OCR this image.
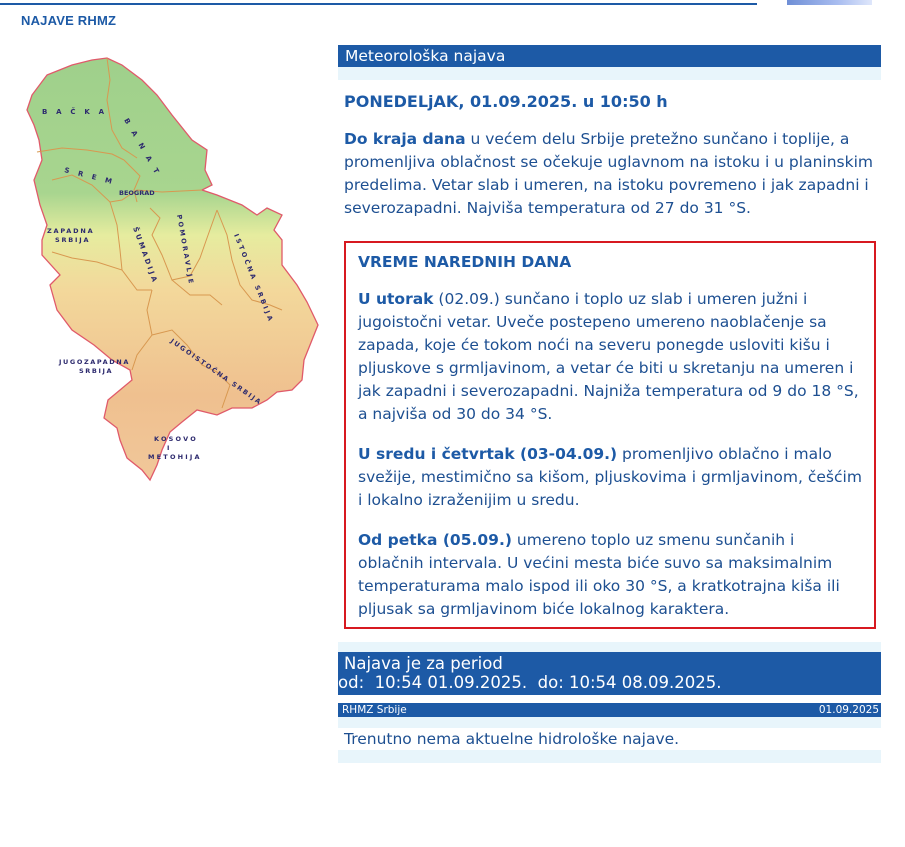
NAJAVE RHMZ
B A Č K A
B A N A T
S R E M
BEOGRAD
ZAPADNA
SRBIJA	ŠUMADIJA POMORAVLJE	ISTOČNA SRBIJA
JUGOZAPADNA
SRBIJA	JUGOISTOČNA SRBIJA
KOSOVO
I
METOHIJA
Meteorološka najava
PONEDELjAK, 01.09.2025. u 10:50 h
Do kraja dana u većem delu Srbije pretežno sunčano i toplije, a promenljiva oblačnost se očekuje uglavnom na istoku i u planinskim predelima. Vetar slab i umeren, na istoku povremeno i jak zapadni i severozapadni. Najviša temperatura od 27 do 31 °S.
VREME NAREDNIH DANA

U utorak (02.09.) sunčano i toplo uz slab i umeren južni i jugoistočni vetar. Uveče postepeno umereno naoblačenje sa zapada, koje će tokom noći na severu ponegde usloviti kišu i pljuskove s grmljavinom, a vetar će biti u skretanju na umeren i jak zapadni i severozapadni. Najniža temperatura od 9 do 18 °S, a najviša od 30 do 34 °S.

U sredu i četvrtak (03-04.09.) promenljivo oblačno i malo svežije, mestimično sa kišom, pljuskovima i grmljavinom, češćim i lokalno izraženijim u sredu.

Od petka (05.09.) umereno toplo uz smenu sunčanih i oblačnih intervala. U većini mesta biće suvo sa maksimalnim temperaturama malo ispod ili oko 30 °S, a kratkotrajna kiša ili pljusak sa grmljavinom biće lokalnog karaktera.

Najava je za period
od:  10:54 01.09.2025.  do: 10:54 08.09.2025.
RHMZ Srbije	01.09.2025
Trenutno nema aktuelne hidrološke najave.
